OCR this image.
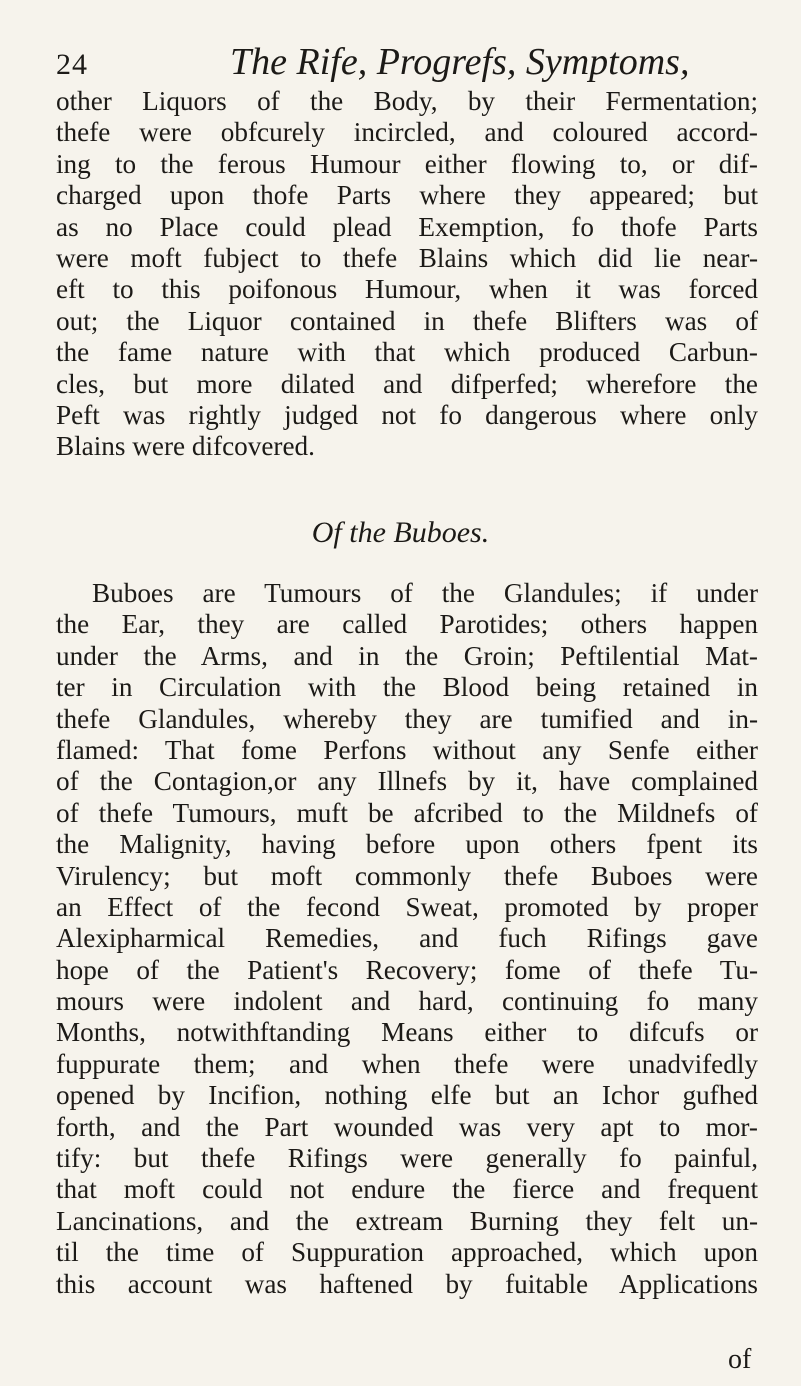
24	The Rife, Progrefs, Symptoms,
other Liquors of the Body, by their Fermentation;
thefe were obfcurely incircled, and coloured accord-
ing to the ferous Humour either flowing to, or dif-
charged upon thofe Parts where they appeared; but
as no Place could plead Exemption, fo thofe Parts
were moft fubject to thefe Blains which did lie near-
eft to this poifonous Humour, when it was forced
out; the Liquor contained in thefe Blifters was of
the fame nature with that which produced Carbun-
cles, but more dilated and difperfed; wherefore the
Peft was rightly judged not fo dangerous where only
Blains were difcovered.
Of the Buboes.
Buboes are Tumours of the Glandules; if under
the Ear, they are called Parotides; others happen
under the Arms, and in the Groin; Peftilential Mat-
ter in Circulation with the Blood being retained in
thefe Glandules, whereby they are tumified and in-
flamed: That fome Perfons without any Senfe either
of the Contagion,or any Illnefs by it, have complained
of thefe Tumours, muft be afcribed to the Mildnefs of
the Malignity, having before upon others fpent its
Virulency; but moft commonly thefe Buboes were
an Effect of the fecond Sweat, promoted by proper
Alexipharmical Remedies, and fuch Rifings gave
hope of the Patient's Recovery; fome of thefe Tu-
mours were indolent and hard, continuing fo many
Months, notwithftanding Means either to difcufs or
fuppurate them; and when thefe were unadvifedly
opened by Incifion, nothing elfe but an Ichor gufhed
forth, and the Part wounded was very apt to mor-
tify: but thefe Rifings were generally fo painful,
that moft could not endure the fierce and frequent
Lancinations, and the extream Burning they felt un-
til the time of Suppuration approached, which upon
this account was haftened by fuitable Applications
of
